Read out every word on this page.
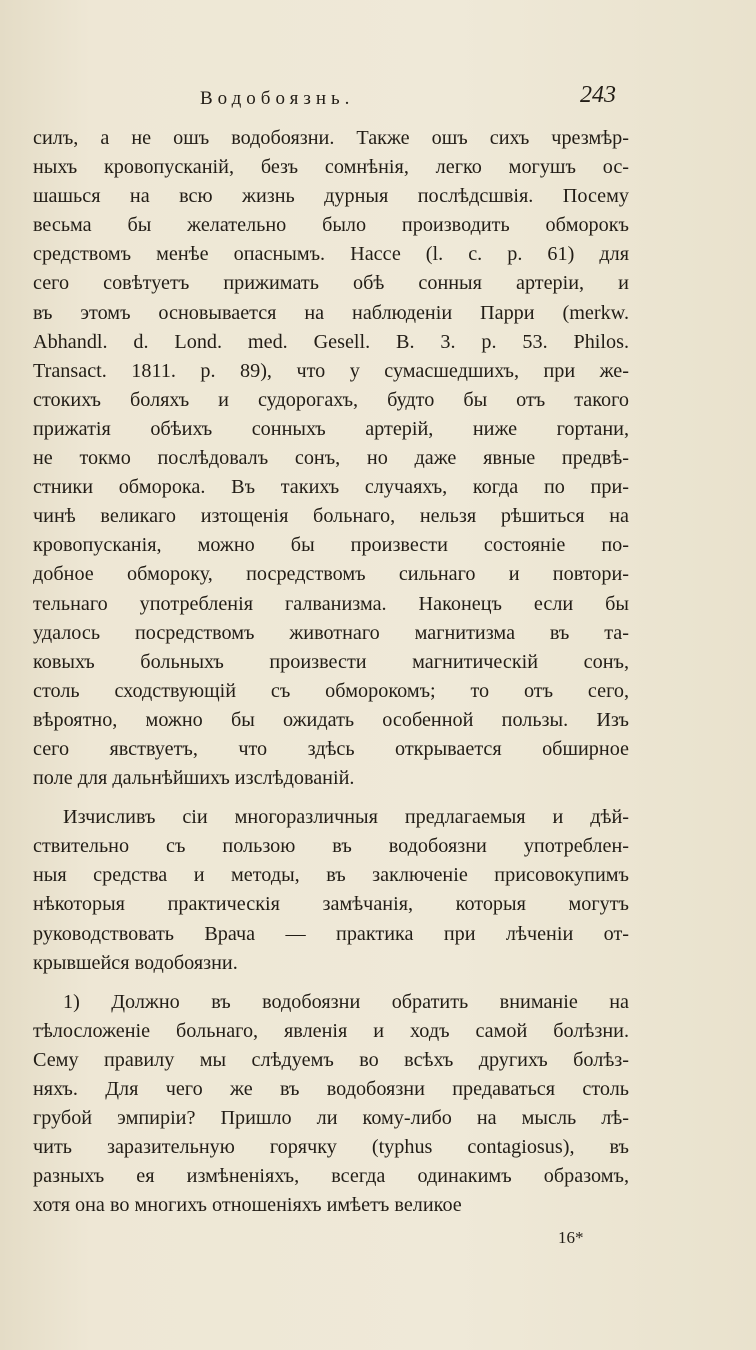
Водобоязнь.	243
силъ, а не ошъ водобоязни. Также ошъ сихъ чрезмѣр-
ныхъ кровопусканій, безъ сомнѣнія, легко могушъ ос-
шашься на всю жизнь дурныя послѣдсшвія. Посему
весьма бы желательно было производить обморокъ
средствомъ менѣе опаснымъ. Нассе (l. c. p. 61) для
сего совѣтуетъ прижимать обѣ сонныя артеріи, и
въ этомъ основывается на наблюденіи Парри (merkw.
Abhandl. d. Lond. med. Gesell. B. 3. p. 53. Philos.
Transact. 1811. p. 89), что у сумасшедшихъ, при же-
стокихъ боляхъ и судорогахъ, будто бы отъ такого
прижатія обѣихъ сонныхъ артерій, ниже гортани,
не токмо послѣдовалъ сонъ, но даже явные предвѣ-
стники обморока. Въ такихъ случаяхъ, когда по при-
чинѣ великаго изтощенія больнаго, нельзя рѣшиться на
кровопусканія, можно бы произвести состояніе по-
добное обмороку, посредствомъ сильнаго и повтори-
тельнаго употребленія галванизма. Наконецъ если бы
удалось посредствомъ животнаго магнитизма въ та-
ковыхъ больныхъ произвести магнитическій сонъ,
столь сходствующій съ обморокомъ; то отъ сего,
вѣроятно, можно бы ожидать особенной пользы. Изъ
сего явствуетъ, что здѣсь открывается обширное
поле для дальнѣйшихъ изслѣдованій.
Изчисливъ сіи многоразличныя предлагаемыя и дѣй-
ствительно съ пользою въ водобоязни употреблен-
ныя средства и методы, въ заключеніе присовокупимъ
нѣкоторыя практическія замѣчанія, которыя могутъ
руководствовать Врача — практика при лѣченіи от-
крывшейся водобоязни.
1) Должно въ водобоязни обратить вниманіе на
тѣлосложеніе больнаго, явленія и ходъ самой болѣзни.
Сему правилу мы слѣдуемъ во всѣхъ другихъ болѣз-
няхъ. Для чего же въ водобоязни предаваться столь
грубой эмпиріи? Пришло ли кому-либо на мысль лѣ-
чить заразительную горячку (typhus contagiosus), въ
разныхъ ея измѣненіяхъ, всегда одинакимъ образомъ,
хотя она во многихъ отношеніяхъ имѣетъ великое
16*
